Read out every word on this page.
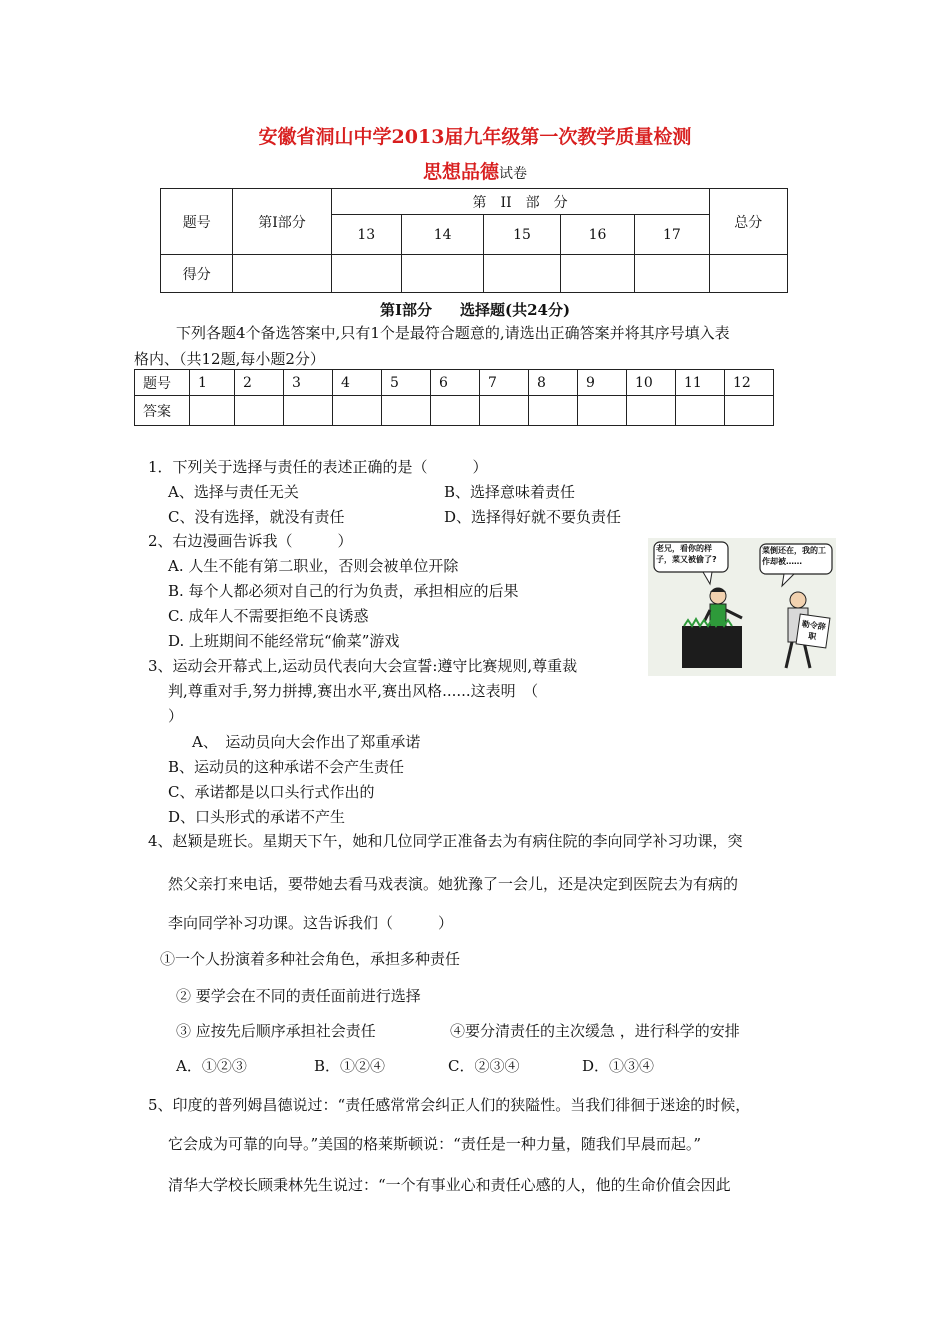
安徽省洞山中学2013届九年级第一次教学质量检测
思想品德试卷
题号	第Ⅰ部分	第　II　部　分					总分
		13	14	15	16	17	
得分							
第Ⅰ部分 选择题(共24分)
下列各题4个备选答案中,只有1个是最符合题意的,请选出正确答案并将其序号填入表
格内、（共12题,每小题2分）
题号	1	2	3	4	5	6	7	8	9	10	11	12
答案												
1．下列关于选择与责任的表述正确的是（　　　）
A、选择与责任无关	B、选择意味着责任
C、没有选择，就没有责任	D、选择得好就不要负责任
2、右边漫画告诉我（　　　）
A. 人生不能有第二职业，否则会被单位开除
B. 每个人都必须对自己的行为负责，承担相应的后果
C. 成年人不需要拒绝不良诱惑
D. 上班期间不能经常玩“偷菜”游戏
老兄，看你的样子，菜又被偷了?
菜倒还在，我的工作却被……
勒令辞职
3、运动会开幕式上,运动员代表向大会宣誓:遵守比赛规则,尊重裁
判,尊重对手,努力拼搏,赛出水平,赛出风格......这表明　（
）
A、　运动员向大会作出了郑重承诺
B、运动员的这种承诺不会产生责任
C、承诺都是以口头行式作出的
D、口头形式的承诺不产生
4、赵颖是班长。星期天下午，她和几位同学正准备去为有病住院的李向同学补习功课，突
然父亲打来电话，要带她去看马戏表演。她犹豫了一会儿，还是决定到医院去为有病的
李向同学补习功课。这告诉我们（　　　）
①一个人扮演着多种社会角色，承担多种责任
② 要学会在不同的责任面前进行选择
③ 应按先后顺序承担社会责任	④要分清责任的主次缓急 ，进行科学的安排
A．①②③	B．①②④	C．②③④	D．①③④
5、印度的普列姆昌德说过：“责任感常常会纠正人们的狭隘性。当我们徘徊于迷途的时候，
它会成为可靠的向导。”美国的格莱斯顿说：“责任是一种力量，随我们早晨而起。”
清华大学校长顾秉林先生说过：“一个有事业心和责任心感的人，他的生命价值会因此
